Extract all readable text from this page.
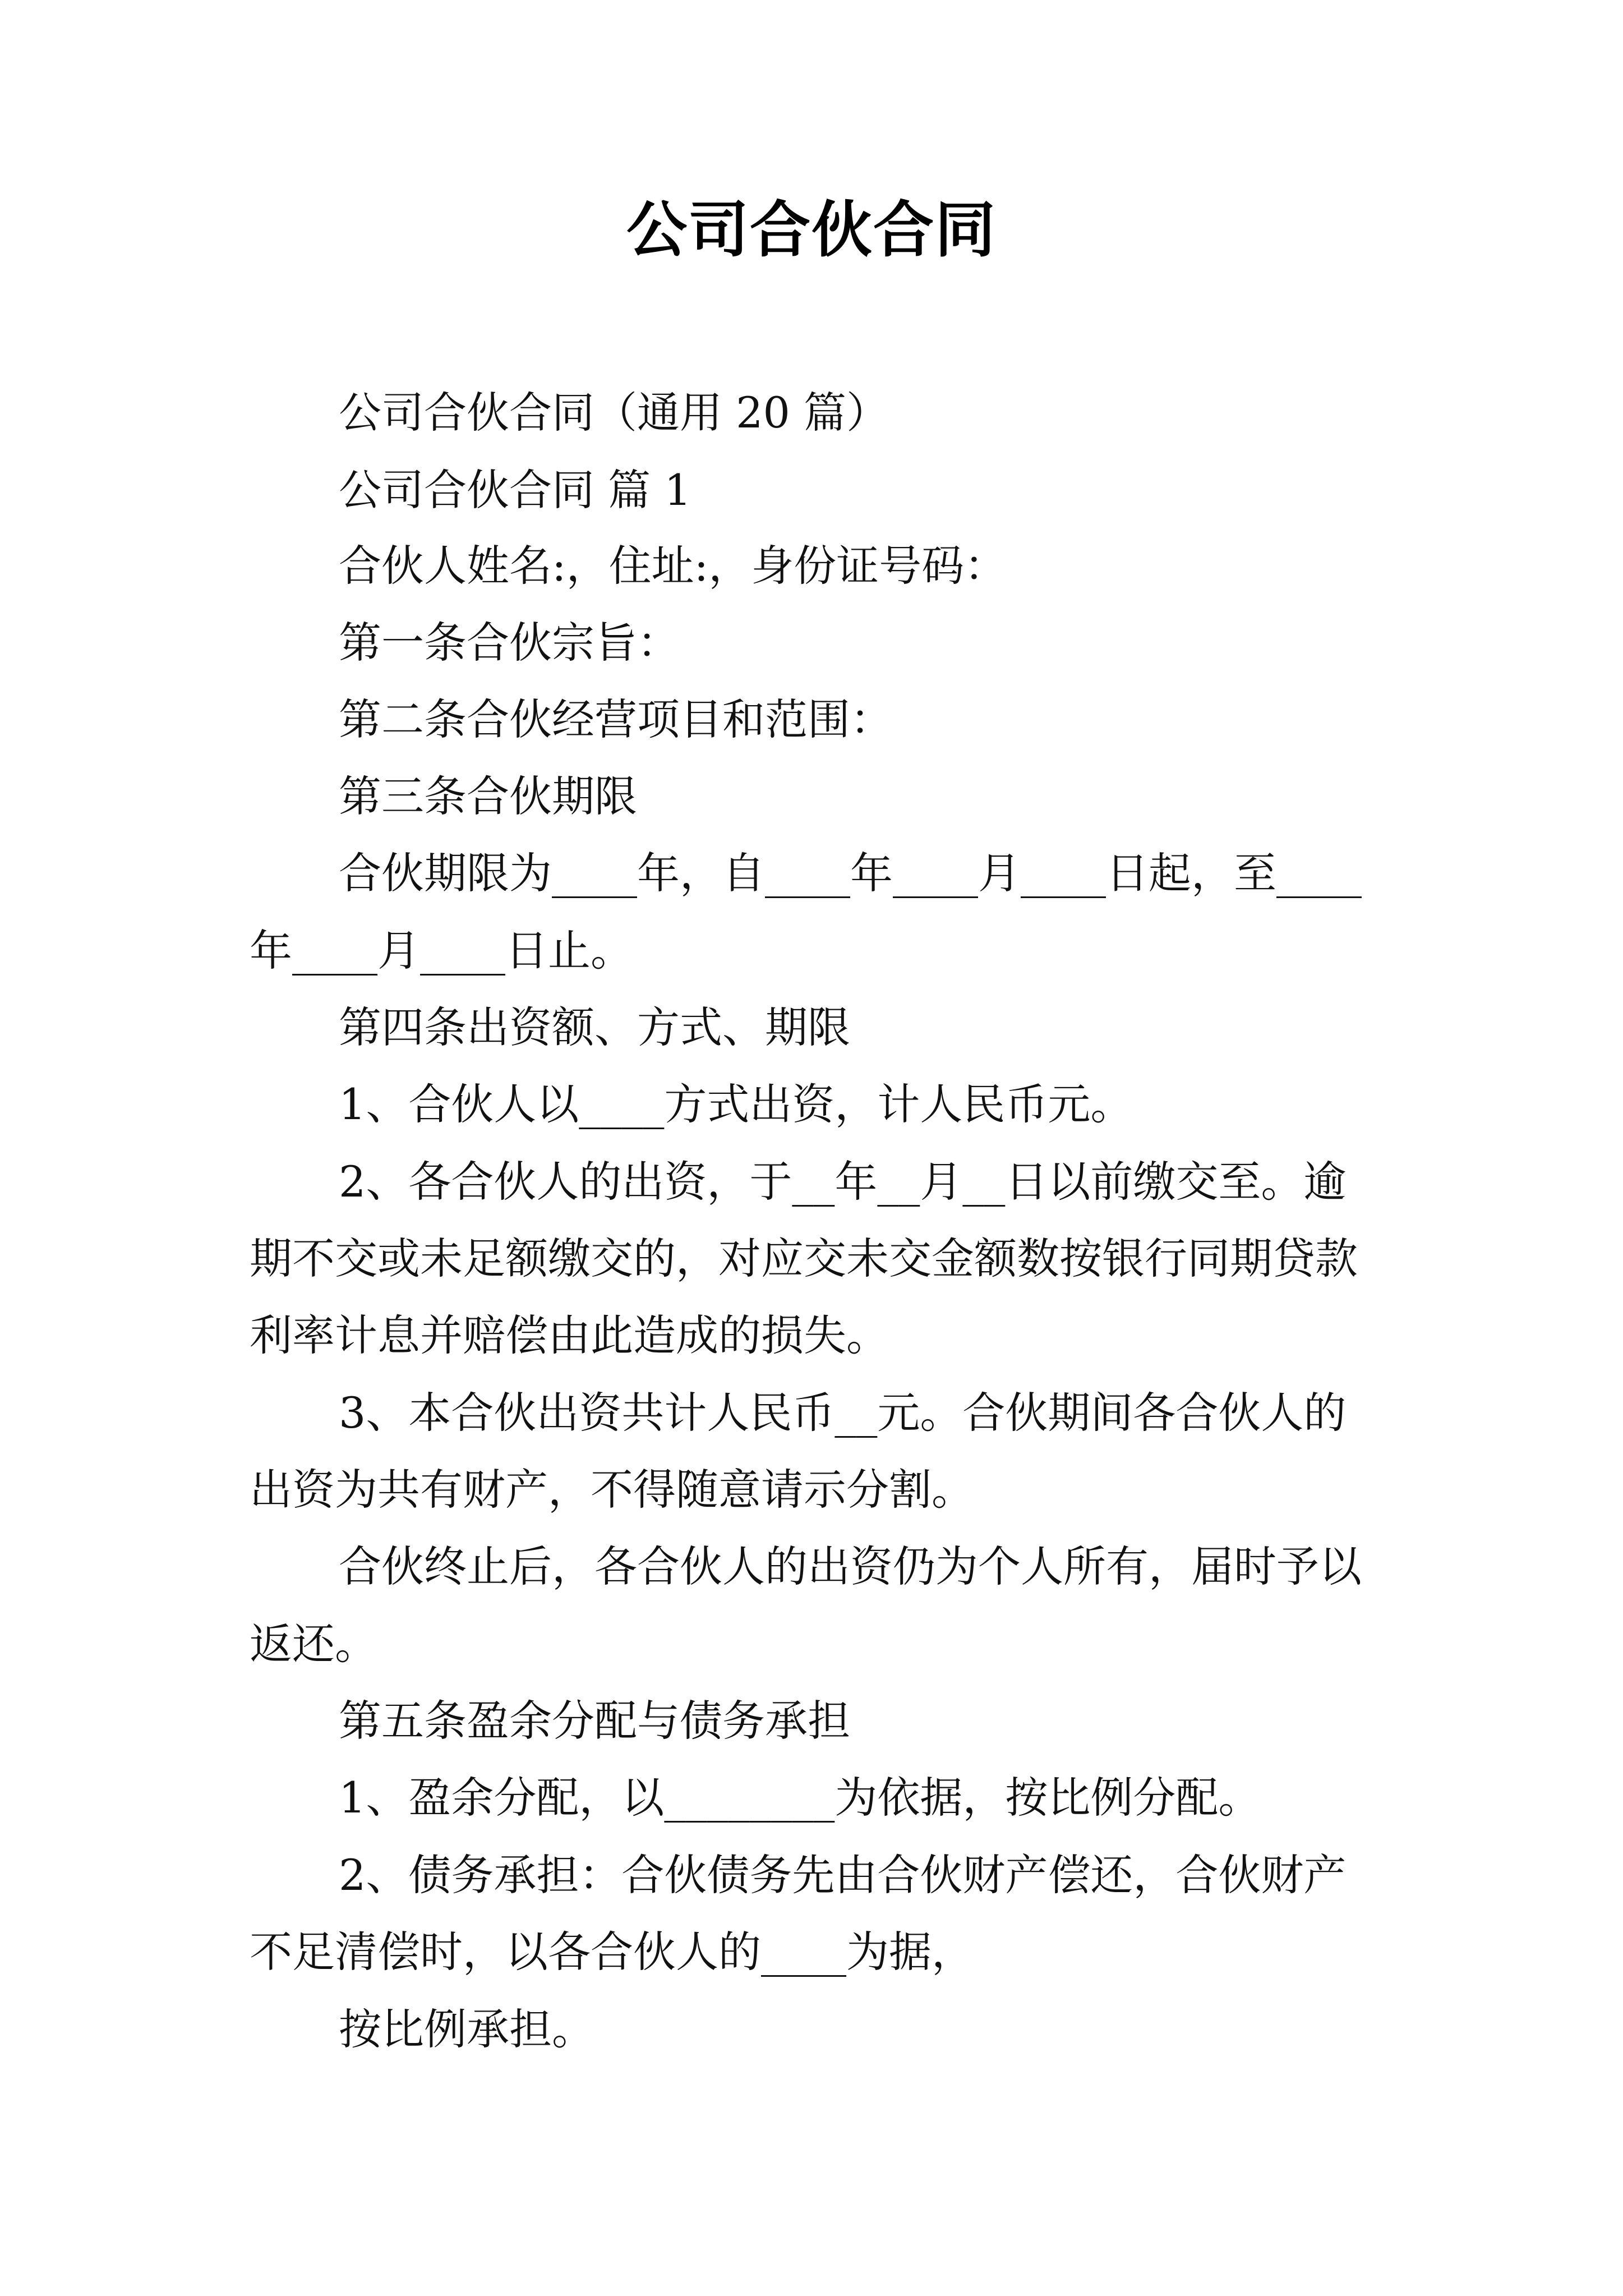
公司合伙合同
公司合伙合同（通用 20 篇）
公司合伙合同 篇 1
合伙人姓名:，住址:，身份证号码：
第一条合伙宗旨：
第二条合伙经营项目和范围：
第三条合伙期限
合伙期限为____年，自____年____月____日起，至____
年____月____日止。
第四条出资额、方式、期限
1、合伙人以____方式出资，计人民币元。
2、各合伙人的出资，于__年__月__日以前缴交至。逾
期不交或未足额缴交的，对应交未交金额数按银行同期贷款
利率计息并赔偿由此造成的损失。
3、本合伙出资共计人民币__元。合伙期间各合伙人的
出资为共有财产，不得随意请示分割。
合伙终止后，各合伙人的出资仍为个人所有，届时予以
返还。
第五条盈余分配与债务承担
1、盈余分配，以________为依据，按比例分配。
2、债务承担：合伙债务先由合伙财产偿还，合伙财产
不足清偿时，以各合伙人的____为据，
按比例承担。
